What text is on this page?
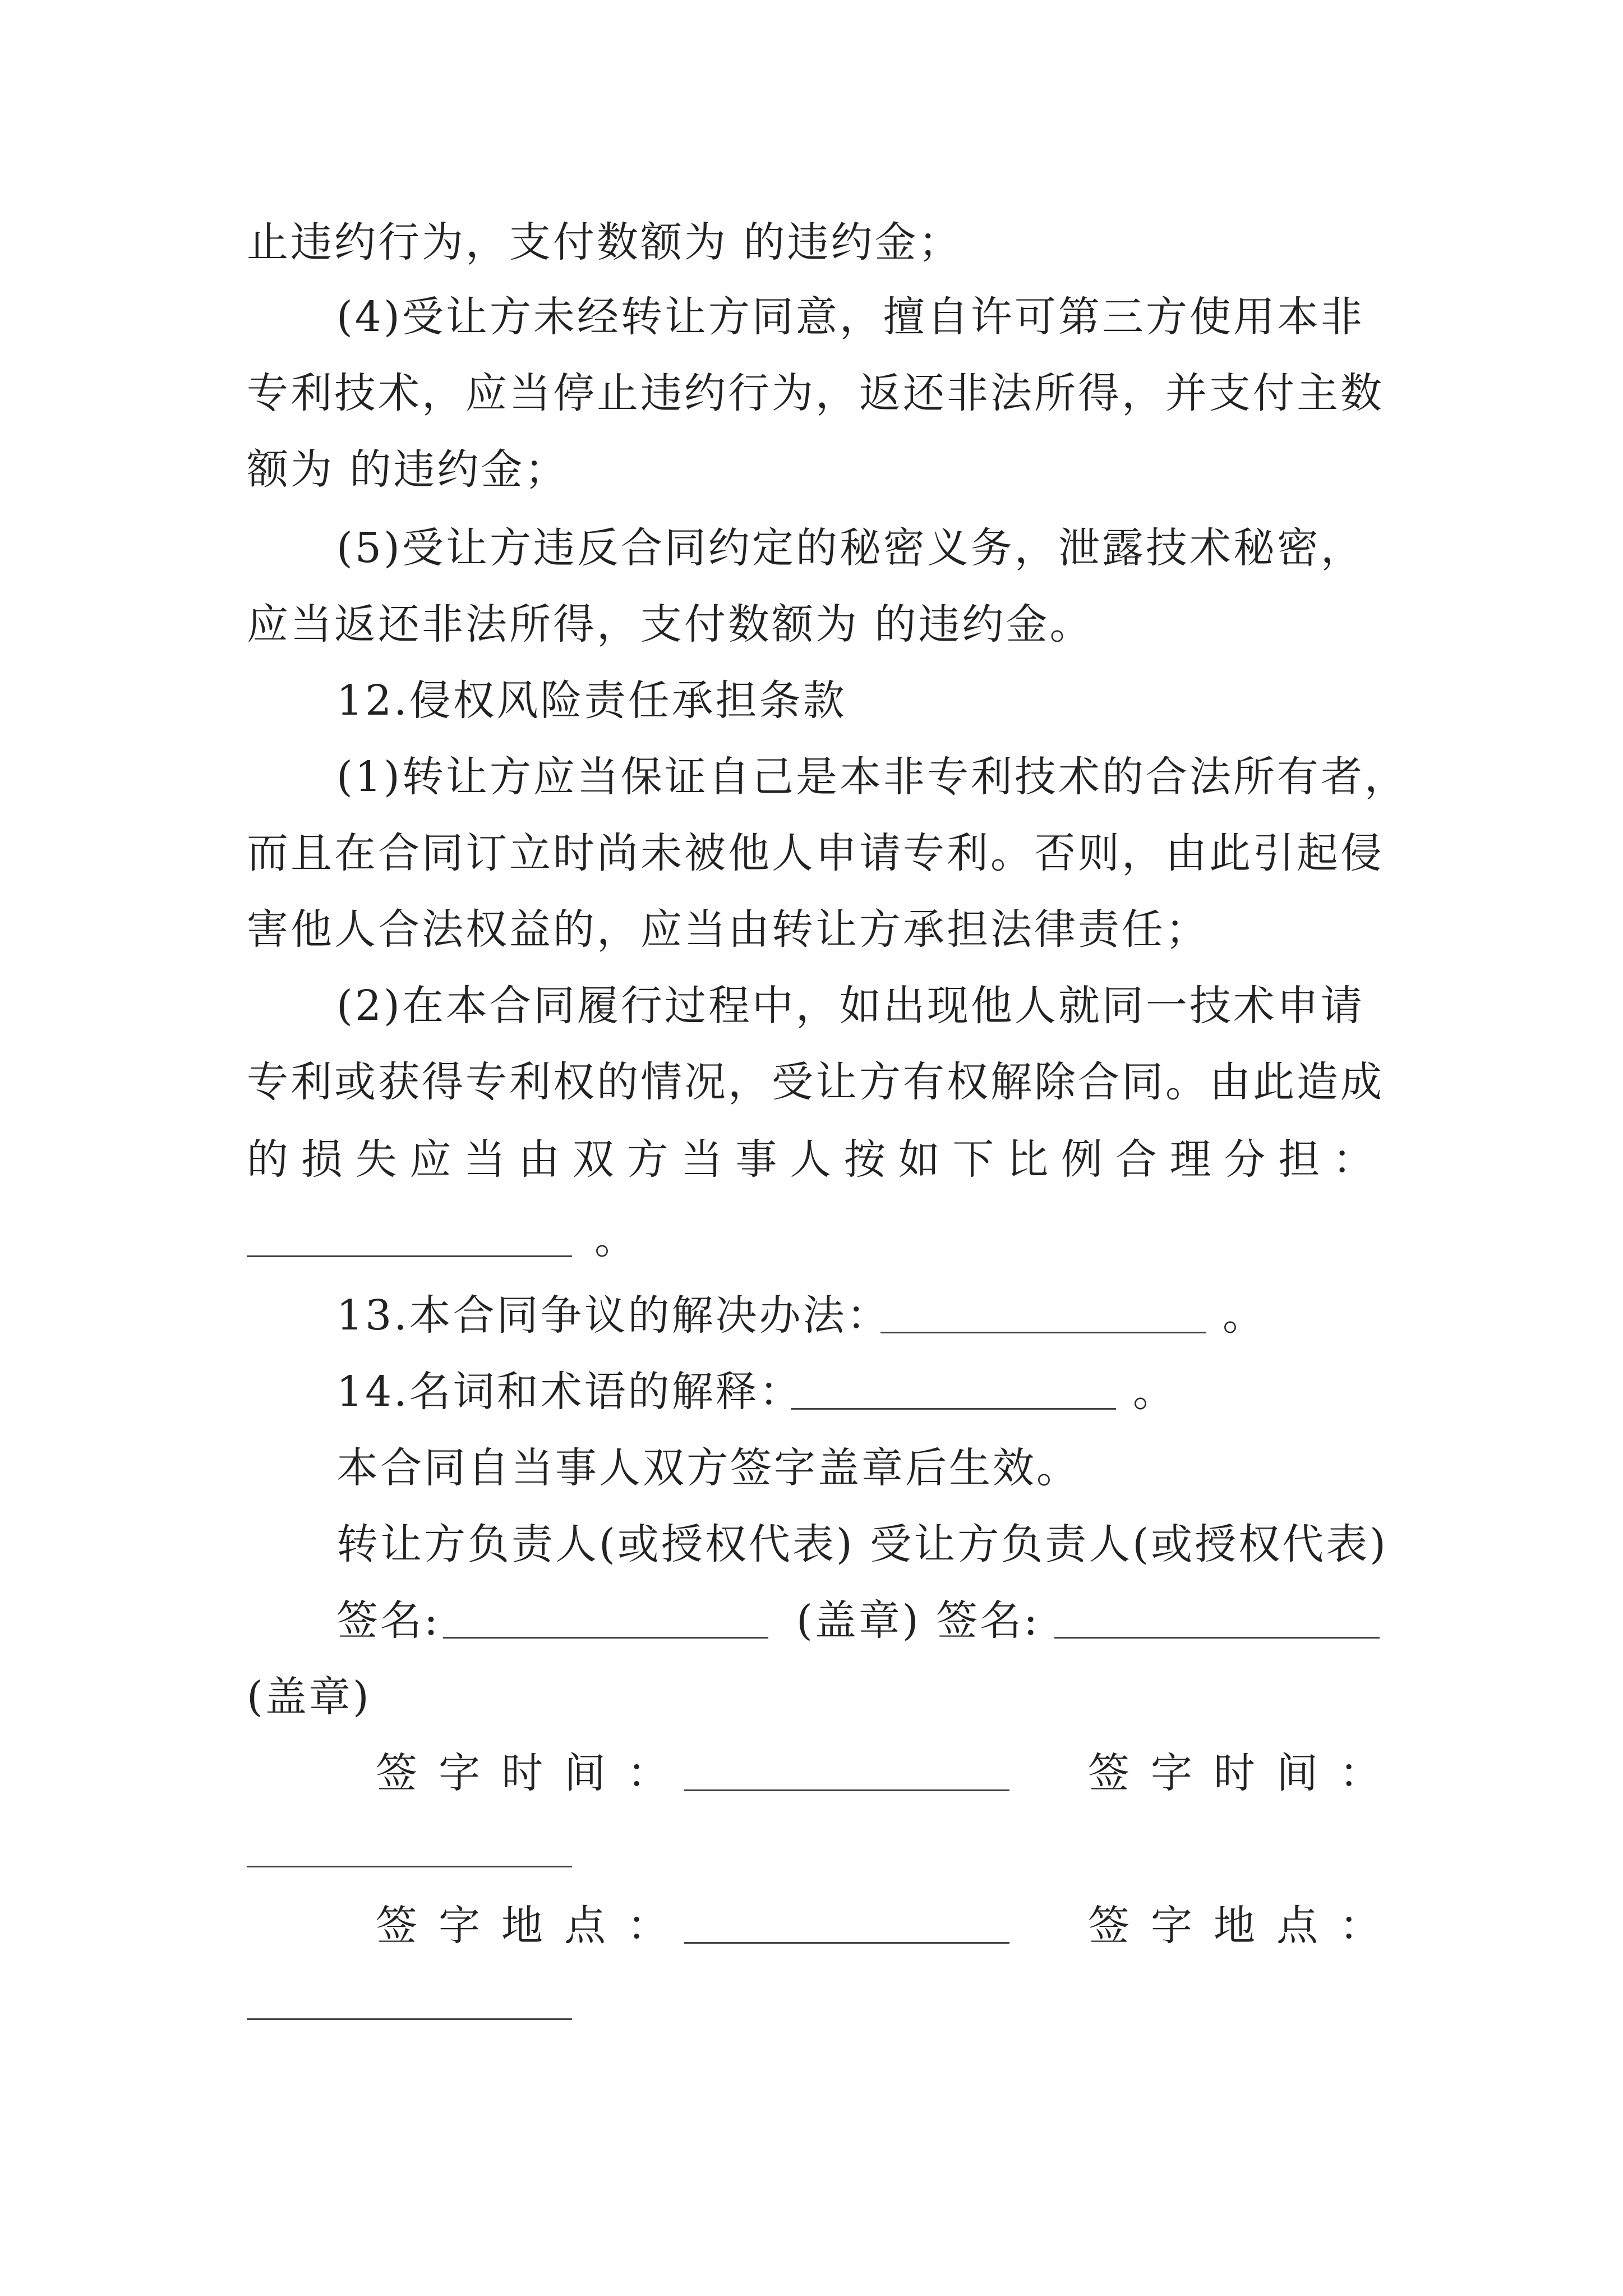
止违约行为，支付数额为 的违约金；
(4)受让方未经转让方同意，擅自许可第三方使用本非
专利技术，应当停止违约行为，返还非法所得，并支付主数
额为 的违约金；
(5)受让方违反合同约定的秘密义务，泄露技术秘密，
应当返还非法所得，支付数额为 的违约金。
12.侵权风险责任承担条款
(1)转让方应当保证自己是本非专利技术的合法所有者，
而且在合同订立时尚未被他人申请专利。否则，由此引起侵
害他人合法权益的，应当由转让方承担法律责任；
(2)在本合同履行过程中，如出现他人就同一技术申请
专利或获得专利权的情况，受让方有权解除合同。由此造成
的损失应当由双方当事人按如下比例合理分担：
。
13.本合同争议的解决办法：	。
14.名词和术语的解释：	。
本合同自当事人双方签字盖章后生效。
转让方负责人(或授权代表) 受让方负责人(或授权代表)
签名:	(盖章) 签名:
(盖章)
签字时间：	签字时间：
签字地点：	签字地点：
